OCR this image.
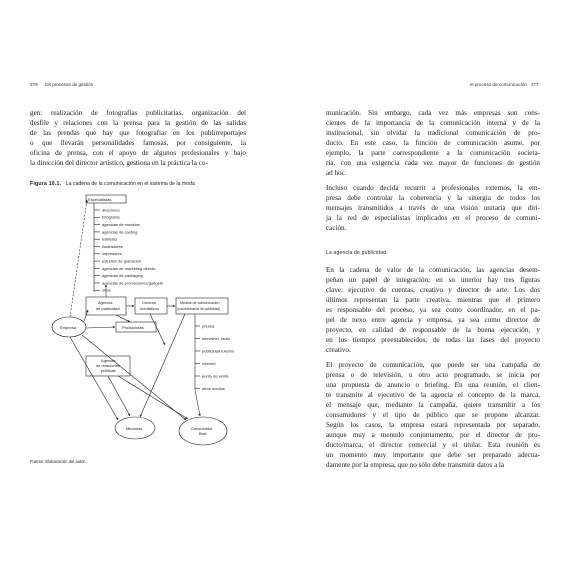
276 los procesos de gestión	el proceso de comunicación 277
gen: realización de fotografías publicitarias, organización del
desfile y relaciones con la prensa para la gestión de las salidas
de las prendas que hay que fotografiar en los publirreportajes
o que llevarán personalidades famosas, por consiguiente, la
oficina de prensa, con el apoyo de algunos profesionales y bajo
la dirección del director artístico, gestiona en la práctica la co-
Figura 10.1. La cadena de la comunicación en el sistema de la moda
Especialistas
directores
fotógrafos
agencias de modelos
agencias de casting
estilistas
ilustradores
impresores
estudios de grabación
agencias de marketing directo
agencias de packaging
agencias de promociones/gadgets
otros
Agencia
de publicidad
Centros
mediáticos
Medios de comunicación
(concesionarios de publicidad)
prensa
televisión, radio
publicidad exterior
Internet
punto de venta
otros medios
Productoras
Agencia
de relaciones
públicas
Empresa
Minorista	Consumidor
final
Fuente: Elaboración del autor.
municación. Sin embargo, cada vez más empresas son cons-
cientes de la importancia de la comunicación interna y de la
institucional, sin olvidar la tradicional comunicación de pro-
ducto. En este caso, la función de comunicación asume, por
ejemplo, la parte correspondiente a la comunicación societa-
ria, con una exigencia cada vez mayor de funciones de gestión
ad hoc.
Incluso cuando decida recurrir a profesionales externos, la em-
presa debe controlar la coherencia y la sinergia de todos los
mensajes transmitidos a través de una visión unitaria que diri-
ja la red de especialistas implicados en el proceso de comuni-
cación.
La agencia de publicidad
En la cadena de valor de la comunicación, las agencias desem-
peñan un papel de integración; en su interior hay tres figuras
clave: ejecutivo de cuentas, creativo y director de arte. Los dos
últimos representan la parte creativa, mientras que el primero
es responsable del proceso, ya sea como coordinador, en el pa-
pel de nexo entre agencia y empresa, ya sea como director de
proyecto, en calidad de responsable de la buena ejecución, y
en los tiempos preestablecidos, de todas las fases del proyecto
creativo.
El proyecto de comunicación, que puede ser una campaña de
prensa o de televisión, u otro acto programado, se inicia por
una propuesta de anuncio o briefing. En una reunión, el clien-
te transmite al ejecutivo de la agencia el concepto de la marca,
el mensaje que, mediante la campaña, quiere transmitir a los
consumidores y el tipo de público que se propone alcanzar.
Según los casos, la empresa estará representada por separado,
aunque muy a menudo conjuntamente, por el director de pro-
ducto/marca, el director comercial y el titular. Esta reunión es
un momento muy importante que debe ser preparado adecua-
damente por la empresa, que no sólo debe transmitir datos a la
